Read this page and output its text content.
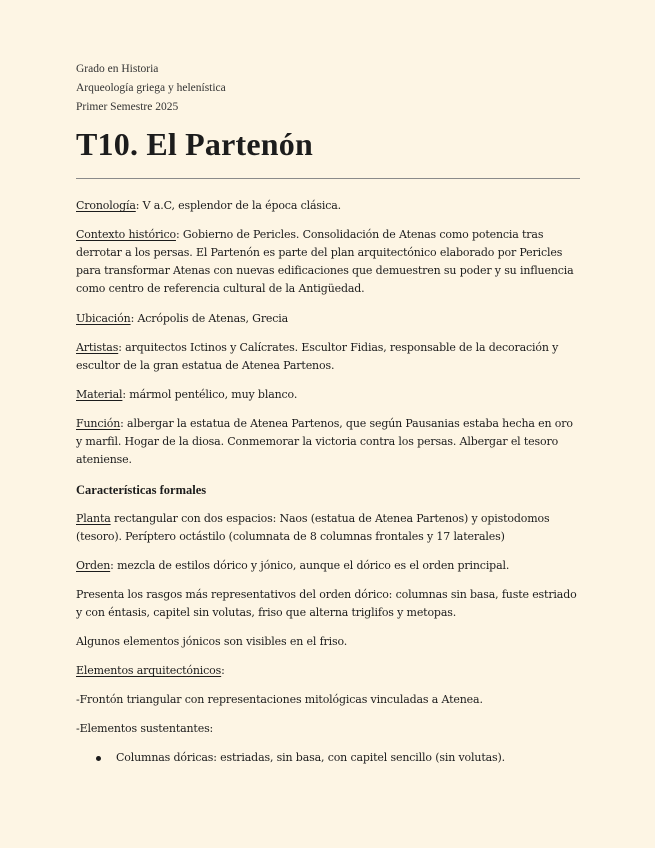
Grado en Historia
Arqueología griega y helenística
Primer Semestre 2025
T10. El Partenón

Cronología: V a.C, esplendor de la época clásica.

Contexto histórico: Gobierno de Pericles. Consolidación de Atenas como potencia tras derrotar a los persas. El Partenón es parte del plan arquitectónico elaborado por Pericles para transformar Atenas con nuevas edificaciones que demuestren su poder y su influencia como centro de referencia cultural de la Antigüedad.

Ubicación: Acrópolis de Atenas, Grecia

Artistas: arquitectos Ictinos y Calícrates. Escultor Fidias, responsable de la decoración y escultor de la gran estatua de Atenea Partenos.

Material: mármol pentélico, muy blanco.

Función: albergar la estatua de Atenea Partenos, que según Pausanias estaba hecha en oro y marfil. Hogar de la diosa. Conmemorar la victoria contra los persas. Albergar el tesoro ateniense.

Características formales

Planta rectangular con dos espacios: Naos (estatua de Atenea Partenos) y opistodomos (tesoro). Períptero octástilo (columnata de 8 columnas frontales y 17 laterales)

Orden: mezcla de estilos dórico y jónico, aunque el dórico es el orden principal.

Presenta los rasgos más representativos del orden dórico: columnas sin basa, fuste estriado y con éntasis, capitel sin volutas, friso que alterna triglifos y metopas.

Algunos elementos jónicos son visibles en el friso.

Elementos arquitectónicos:

-Frontón triangular con representaciones mitológicas vinculadas a Atenea.

-Elementos sustentantes:

Columnas dóricas: estriadas, sin basa, con capitel sencillo (sin volutas).
